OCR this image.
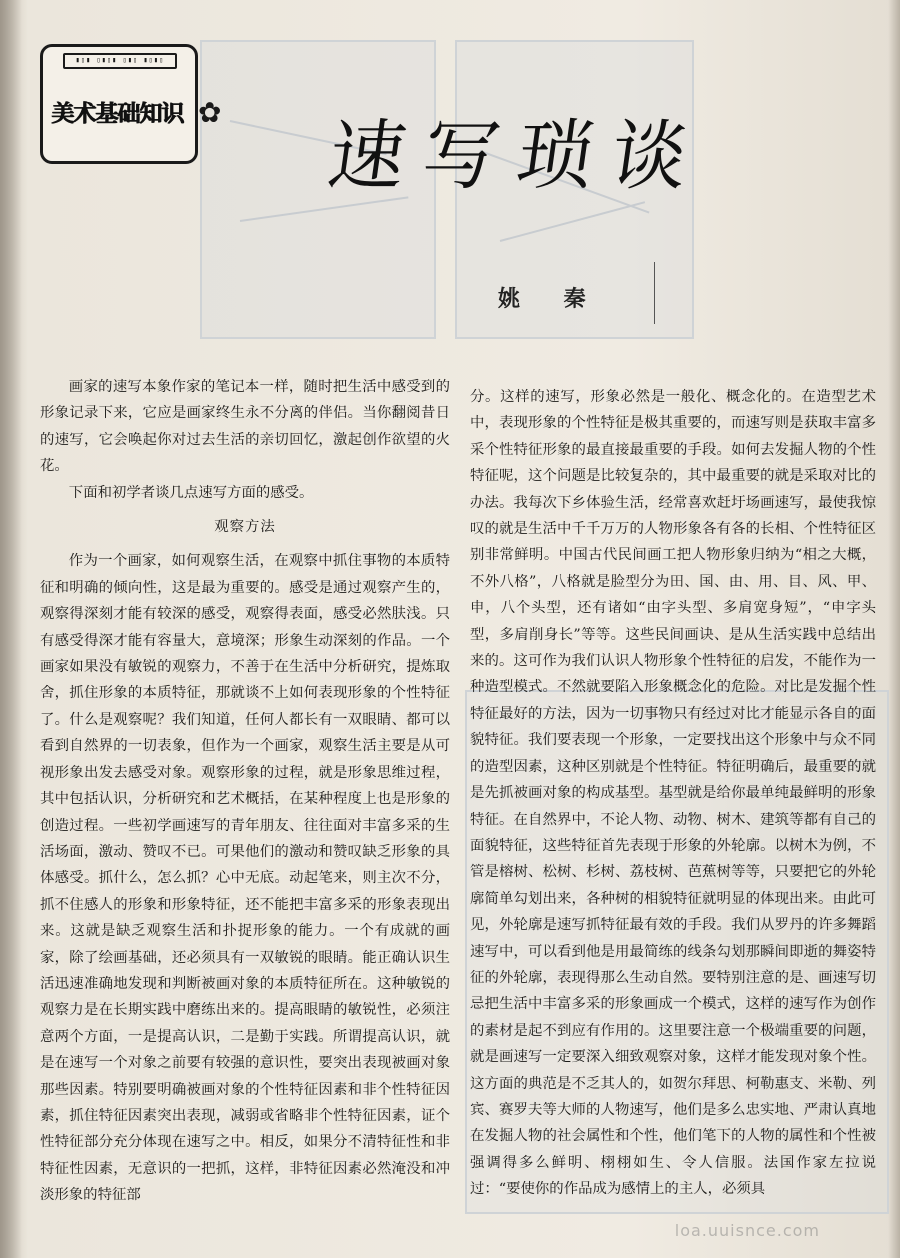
▮▯▮ ▯▮▯▮ ▯▮▯ ▮▯▮▯
美术基础知识 ✿ 速写琐谈
姚 秦

画家的速写本象作家的笔记本一样，随时把生活中感受到的形象记录下来，它应是画家终生永不分离的伴侣。当你翻阅昔日的速写，它会唤起你对过去生活的亲切回忆，激起创作欲望的火花。

下面和初学者谈几点速写方面的感受。

观察方法

作为一个画家，如何观察生活，在观察中抓住事物的本质特征和明确的倾向性，这是最为重要的。感受是通过观察产生的，观察得深刻才能有较深的感受，观察得表面，感受必然肤浅。只有感受得深才能有容量大，意境深；形象生动深刻的作品。一个画家如果没有敏锐的观察力，不善于在生活中分析研究，提炼取舍，抓住形象的本质特征，那就谈不上如何表现形象的个性特征了。什么是观察呢？我们知道，任何人都长有一双眼睛、都可以看到自然界的一切表象，但作为一个画家，观察生活主要是从可视形象出发去感受对象。观察形象的过程，就是形象思维过程，其中包括认识，分析研究和艺术概括，在某种程度上也是形象的创造过程。一些初学画速写的青年朋友、往往面对丰富多采的生活场面，激动、赞叹不已。可果他们的激动和赞叹缺乏形象的具体感受。抓什么，怎么抓？心中无底。动起笔来，则主次不分，抓不住感人的形象和形象特征，还不能把丰富多采的形象表现出来。这就是缺乏观察生活和扑捉形象的能力。一个有成就的画家，除了绘画基础，还必须具有一双敏锐的眼睛。能正确认识生活迅速准确地发现和判断被画对象的本质特征所在。这种敏锐的观察力是在长期实践中磨练出来的。提高眼睛的敏锐性，必须注意两个方面，一是提高认识，二是勤于实践。所谓提高认识，就是在速写一个对象之前要有较强的意识性，要突出表现被画对象那些因素。特别要明确被画对象的个性特征因素和非个性特征因素，抓住特征因素突出表现，减弱或省略非个性特征因素，证个性特征部分充分体现在速写之中。相反，如果分不清特征性和非特征性因素，无意识的一把抓，这样，非特征因素必然淹没和冲淡形象的特征部

分。这样的速写，形象必然是一般化、概念化的。在造型艺术中，表现形象的个性特征是极其重要的，而速写则是获取丰富多采个性特征形象的最直接最重要的手段。如何去发掘人物的个性特征呢，这个问题是比较复杂的，其中最重要的就是采取对比的办法。我每次下乡体验生活，经常喜欢赶圩场画速写，最使我惊叹的就是生活中千千万万的人物形象各有各的长相、个性特征区别非常鲜明。中国古代民间画工把人物形象归纳为“相之大概，不外八格”，八格就是脸型分为田、国、由、用、目、风、甲、申，八个头型，还有诸如“由字头型、多肩宽身短”，“申字头型，多肩削身长”等等。这些民间画诀、是从生活实践中总结出来的。这可作为我们认识人物形象个性特征的启发，不能作为一种造型模式。不然就要陷入形象概念化的危险。对比是发掘个性特征最好的方法，因为一切事物只有经过对比才能显示各自的面貌特征。我们要表现一个形象，一定要找出这个形象中与众不同的造型因素，这种区别就是个性特征。特征明确后，最重要的就是先抓被画对象的构成基型。基型就是给你最单纯最鲜明的形象特征。在自然界中，不论人物、动物、树木、建筑等都有自己的面貌特征，这些特征首先表现于形象的外轮廓。以树木为例，不管是榕树、松树、杉树、荔枝树、芭蕉树等等，只要把它的外轮廓简单勾划出来，各种树的相貌特征就明显的体现出来。由此可见，外轮廓是速写抓特征最有效的手段。我们从罗丹的许多舞蹈速写中，可以看到他是用最简练的线条勾划那瞬间即逝的舞姿特征的外轮廓，表现得那么生动自然。要特别注意的是、画速写切忌把生活中丰富多采的形象画成一个模式，这样的速写作为创作的素材是起不到应有作用的。这里要注意一个极端重要的问题，就是画速写一定要深入细致观察对象，这样才能发现对象个性。这方面的典范是不乏其人的，如贺尔拜思、柯勒惠支、米勒、列宾、赛罗夫等大师的人物速写，他们是多么忠实地、严肃认真地在发掘人物的社会属性和个性，他们笔下的人物的属性和个性被强调得多么鲜明、栩栩如生、令人信服。法国作家左拉说过：“要使你的作品成为感情上的主人，必须具

loa.uuisnce.com
